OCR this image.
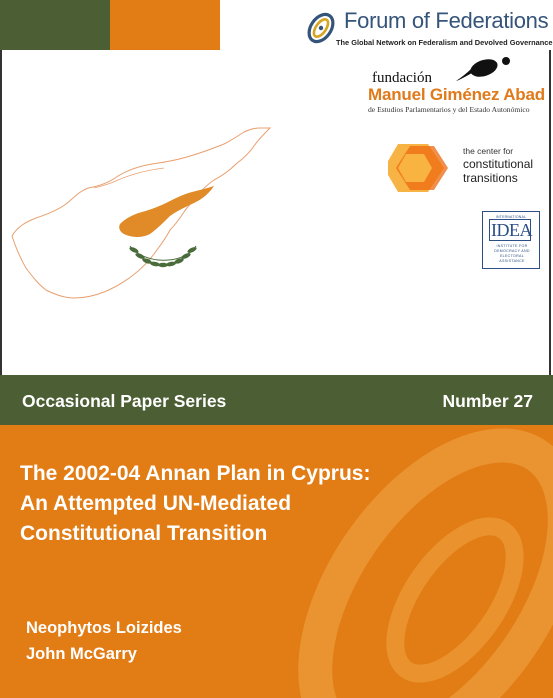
Forum of Federations
The Global Network on Federalism and Devolved Governance
fundación
Manuel Giménez Abad
de Estudios Parlamentarios y del Estado Autonómico
the center for
constitutional
transitions
INTERNATIONAL
IDEA
INSTITUTE FOR
DEMOCRACY AND
ELECTORAL
ASSISTANCE
Occasional Paper Series	Number 27
The 2002-04 Annan Plan in Cyprus:
An Attempted UN-Mediated
Constitutional Transition
Neophytos Loizides
John McGarry
